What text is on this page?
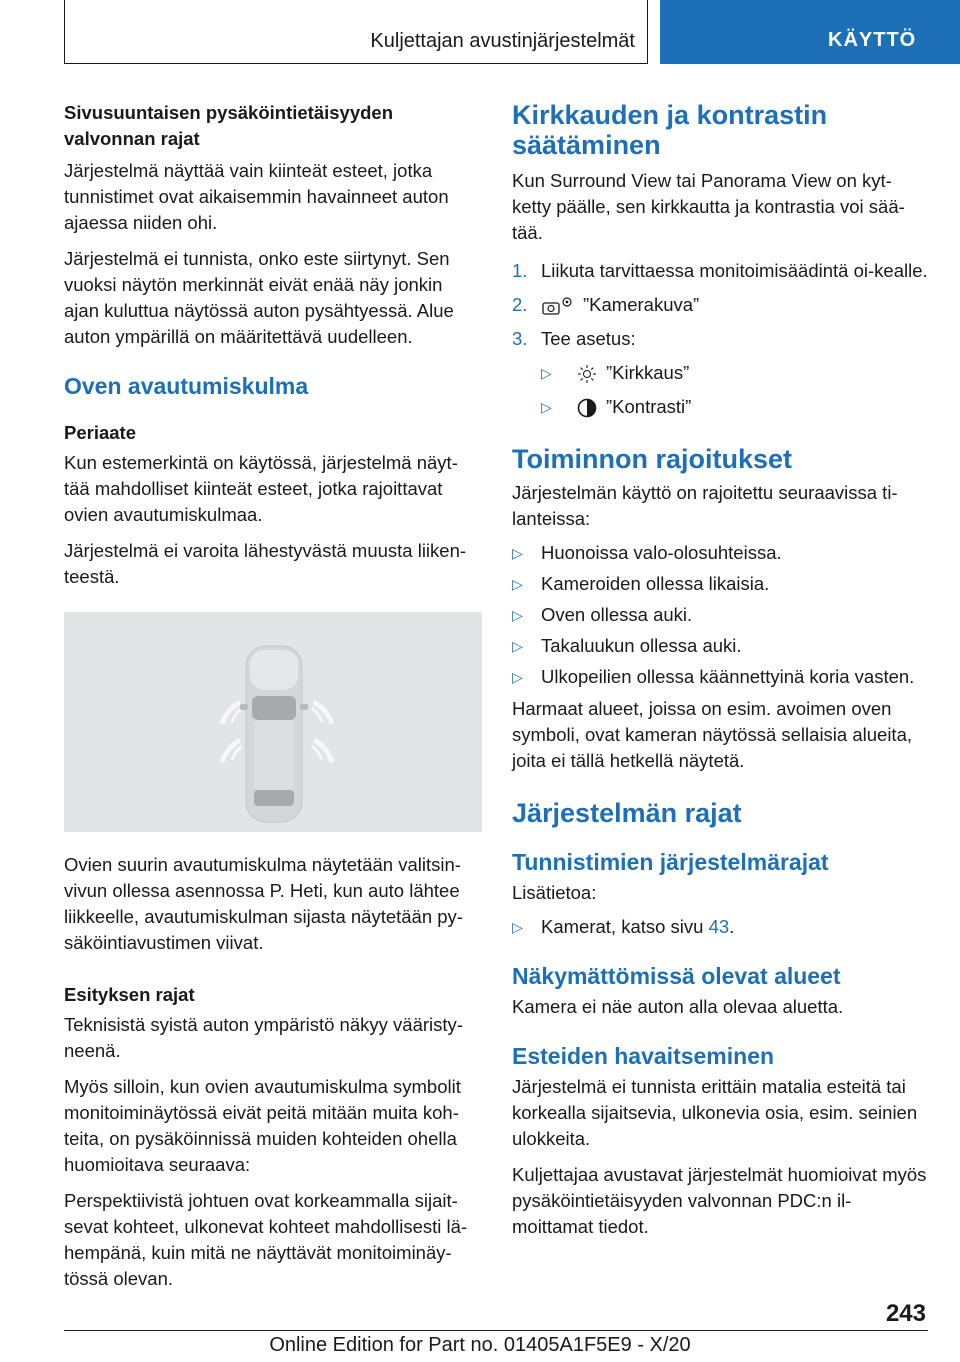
Kuljettajan avustinjärjestelmät	KÄYTTÖ
Sivusuuntaisen pysäköintietäisyyden valvonnan rajat

Järjestelmä näyttää vain kiinteät esteet, jotka tunnistimet ovat aikaisemmin havainneet auton ajaessa niiden ohi.

Järjestelmä ei tunnista, onko este siirtynyt. Sen vuoksi näytön merkinnät eivät enää näy jonkin ajan kuluttua näytössä auton pysähtyessä. Alue auton ympärillä on määritettävä uudelleen.

Oven avautumiskulma
Periaate

Kun estemerkintä on käytössä, järjestelmä näyt-tää mahdolliset kiinteät esteet, jotka rajoittavat ovien avautumiskulmaa.

Järjestelmä ei varoita lähestyvästä muusta liiken-teestä.

Ovien suurin avautumiskulma näytetään valitsin-vivun ollessa asennossa P. Heti, kun auto lähtee liikkeelle, avautumiskulman sijasta näytetään py-säköintiavustimen viivat.

Esityksen rajat

Teknisistä syistä auton ympäristö näkyy vääristy-neenä.

Myös silloin, kun ovien avautumiskulma symbolit monitoiminäytössä eivät peitä mitään muita koh-teita, on pysäköinnissä muiden kohteiden ohella huomioitava seuraava:

Perspektiivistä johtuen ovat korkeammalla sijait-sevat kohteet, ulkonevat kohteet mahdollisesti lä-hempänä, kuin mitä ne näyttävät monitoiminäy-tössä olevan.

Kirkkauden ja kontrastin säätäminen

Kun Surround View tai Panorama View on kyt-ketty päälle, sen kirkkautta ja kontrastia voi sää-tää.

1. Liikuta tarvittaessa monitoimisäädintä oi-kealle.
2.	”Kamerakuva”
3. Tee asetus:
▷	”Kirkkaus”
▷	”Kontrasti”
Toiminnon rajoitukset

Järjestelmän käyttö on rajoitettu seuraavissa ti-lanteissa:

▷ Huonoissa valo-olosuhteissa.
▷ Kameroiden ollessa likaisia.
▷ Oven ollessa auki.
▷ Takaluukun ollessa auki.
▷ Ulkopeilien ollessa käännettyinä koria vasten.

Harmaat alueet, joissa on esim. avoimen oven symboli, ovat kameran näytössä sellaisia alueita, joita ei tällä hetkellä näytetä.

Järjestelmän rajat
Tunnistimien järjestelmärajat

Lisätietoa:

▷ Kamerat, katso sivu 43.
Näkymättömissä olevat alueet

Kamera ei näe auton alla olevaa aluetta.

Esteiden havaitseminen

Järjestelmä ei tunnista erittäin matalia esteitä tai korkealla sijaitsevia, ulkonevia osia, esim. seinien ulokkeita.

Kuljettajaa avustavat järjestelmät huomioivat myös pysäköintietäisyyden valvonnan PDC:n il-moittamat tiedot.

243
Online Edition for Part no. 01405A1F5E9 - X/20
